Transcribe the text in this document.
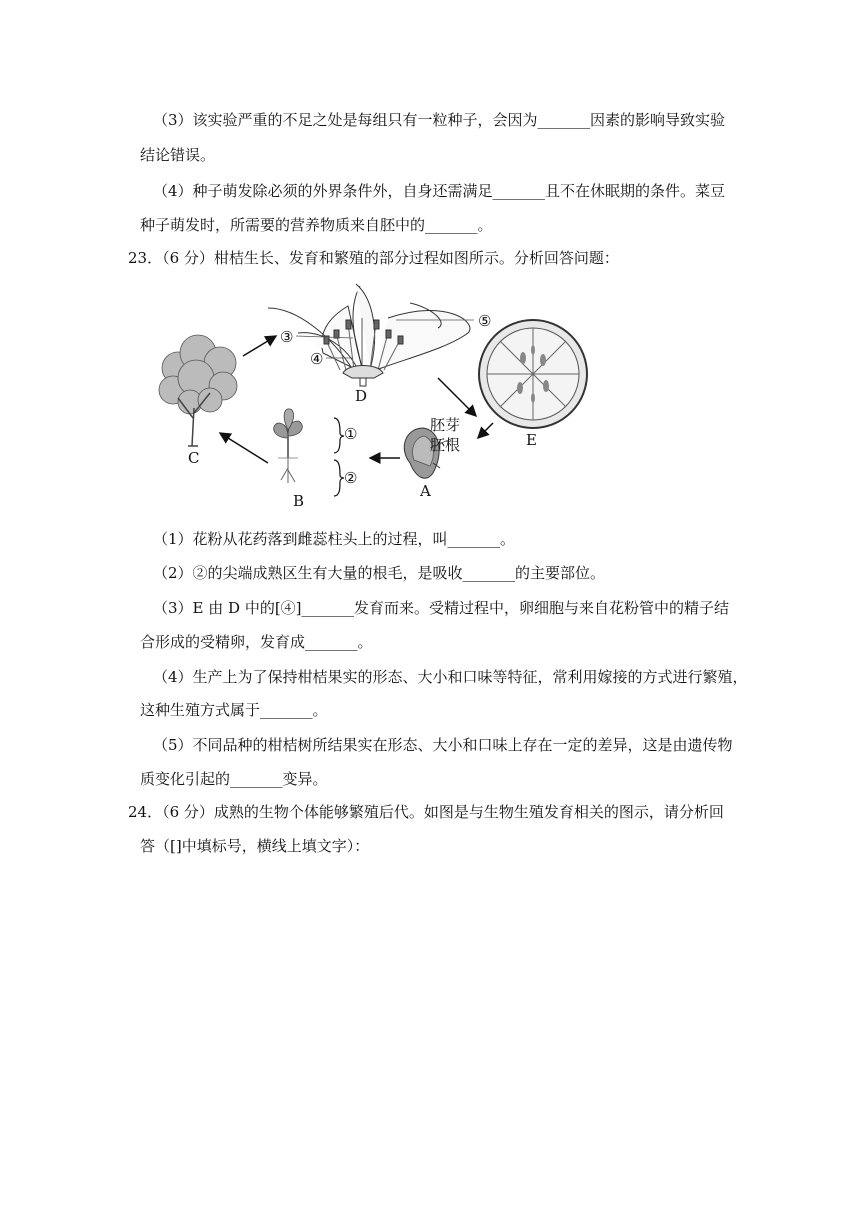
（3）该实验严重的不足之处是每组只有一粒种子，会因为_______因素的影响导致实验
结论错误。
（4）种子萌发除必须的外界条件外，自身还需满足_______且不在休眠期的条件。菜豆
种子萌发时，所需要的营养物质来自胚中的_______。
23．（6 分）柑桔生长、发育和繁殖的部分过程如图所示。分析回答问题：
③
④
⑤
D
E
C
B
A
①
②
胚芽
胚根
（1）花粉从花药落到雌蕊柱头上的过程，叫_______。
（2）②的尖端成熟区生有大量的根毛，是吸收_______的主要部位。
（3）E 由 D 中的[④]_______发育而来。受精过程中，卵细胞与来自花粉管中的精子结
合形成的受精卵，发育成_______。
（4）生产上为了保持柑桔果实的形态、大小和口味等特征，常利用嫁接的方式进行繁殖，
这种生殖方式属于_______。
（5）不同品种的柑桔树所结果实在形态、大小和口味上存在一定的差异，这是由遗传物
质变化引起的_______变异。
24．（6 分）成熟的生物个体能够繁殖后代。如图是与生物生殖发育相关的图示，请分析回
答（[]中填标号，横线上填文字）：
